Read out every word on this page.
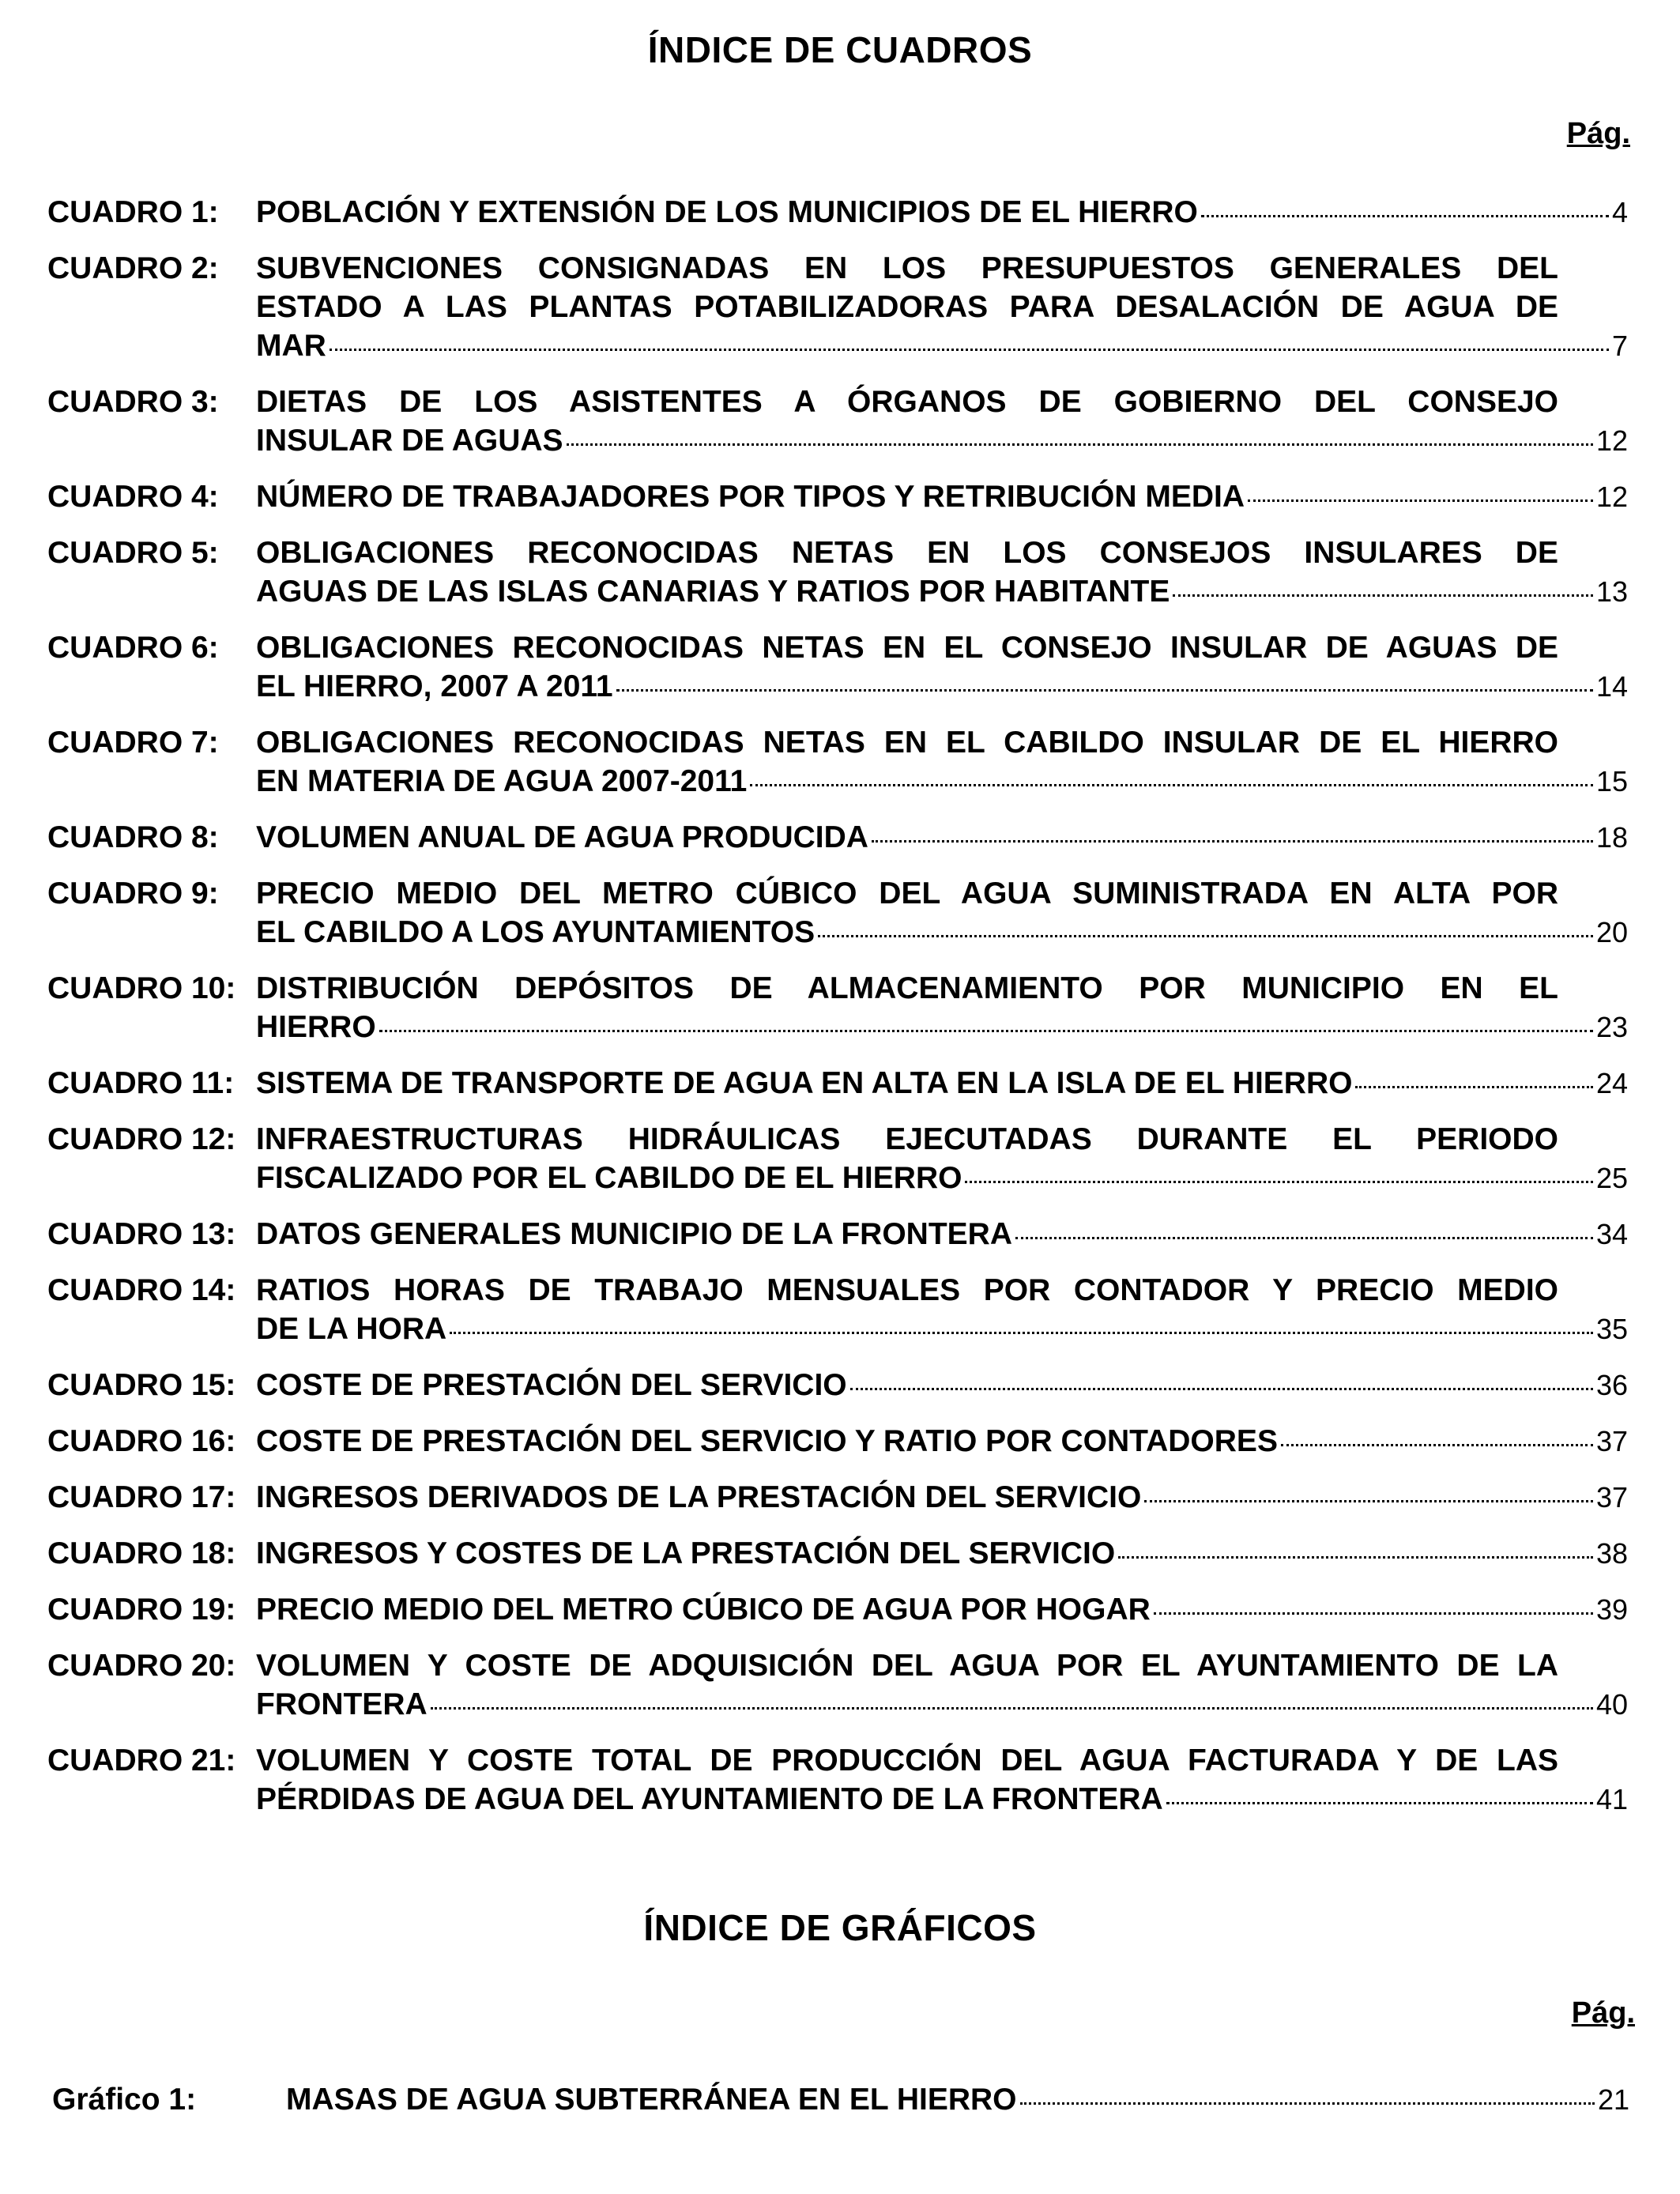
ÍNDICE DE CUADROS
Pág.
CUADRO 1:	POBLACIÓN Y EXTENSIÓN DE LOS MUNICIPIOS DE EL HIERRO	4
CUADRO 2:	SUBVENCIONES CONSIGNADAS EN LOS PRESUPUESTOS GENERALES DEL
ESTADO A LAS PLANTAS POTABILIZADORAS PARA DESALACIÓN DE AGUA DE
MAR	7
CUADRO 3:	DIETAS DE LOS ASISTENTES A ÓRGANOS DE GOBIERNO DEL CONSEJO
INSULAR DE AGUAS	12
CUADRO 4:	NÚMERO DE TRABAJADORES POR TIPOS Y RETRIBUCIÓN MEDIA	12
CUADRO 5:	OBLIGACIONES RECONOCIDAS NETAS EN LOS CONSEJOS INSULARES DE
AGUAS DE LAS ISLAS CANARIAS Y RATIOS POR HABITANTE	13
CUADRO 6:	OBLIGACIONES RECONOCIDAS NETAS EN EL CONSEJO INSULAR DE AGUAS DE
EL HIERRO, 2007 A 2011	14
CUADRO 7:	OBLIGACIONES RECONOCIDAS NETAS EN EL CABILDO INSULAR DE EL HIERRO
EN MATERIA DE AGUA 2007-2011	15
CUADRO 8:	VOLUMEN ANUAL DE AGUA PRODUCIDA	18
CUADRO 9:	PRECIO MEDIO DEL METRO CÚBICO DEL AGUA SUMINISTRADA EN ALTA POR
EL CABILDO A LOS AYUNTAMIENTOS	20
CUADRO 10: DISTRIBUCIÓN DEPÓSITOS DE ALMACENAMIENTO POR MUNICIPIO EN EL
HIERRO	23
CUADRO 11: SISTEMA DE TRANSPORTE DE AGUA EN ALTA EN LA ISLA DE EL HIERRO	24
CUADRO 12: INFRAESTRUCTURAS HIDRÁULICAS EJECUTADAS DURANTE EL PERIODO
FISCALIZADO POR EL CABILDO DE EL HIERRO	25
CUADRO 13: DATOS GENERALES MUNICIPIO DE LA FRONTERA	34
CUADRO 14: RATIOS HORAS DE TRABAJO MENSUALES POR CONTADOR Y PRECIO MEDIO
DE LA HORA	35
CUADRO 15: COSTE DE PRESTACIÓN DEL SERVICIO	36
CUADRO 16: COSTE DE PRESTACIÓN DEL SERVICIO Y RATIO POR CONTADORES	37
CUADRO 17: INGRESOS DERIVADOS DE LA PRESTACIÓN DEL SERVICIO	37
CUADRO 18: INGRESOS Y COSTES DE LA PRESTACIÓN DEL SERVICIO	38
CUADRO 19: PRECIO MEDIO DEL METRO CÚBICO DE AGUA POR HOGAR	39
CUADRO 20: VOLUMEN Y COSTE DE ADQUISICIÓN DEL AGUA POR EL AYUNTAMIENTO DE LA
FRONTERA	40
CUADRO 21: VOLUMEN Y COSTE TOTAL DE PRODUCCIÓN DEL AGUA FACTURADA Y DE LAS
PÉRDIDAS DE AGUA DEL AYUNTAMIENTO DE LA FRONTERA	41
ÍNDICE DE GRÁFICOS
Pág.
Gráfico 1:	MASAS DE AGUA SUBTERRÁNEA EN EL HIERRO	21
